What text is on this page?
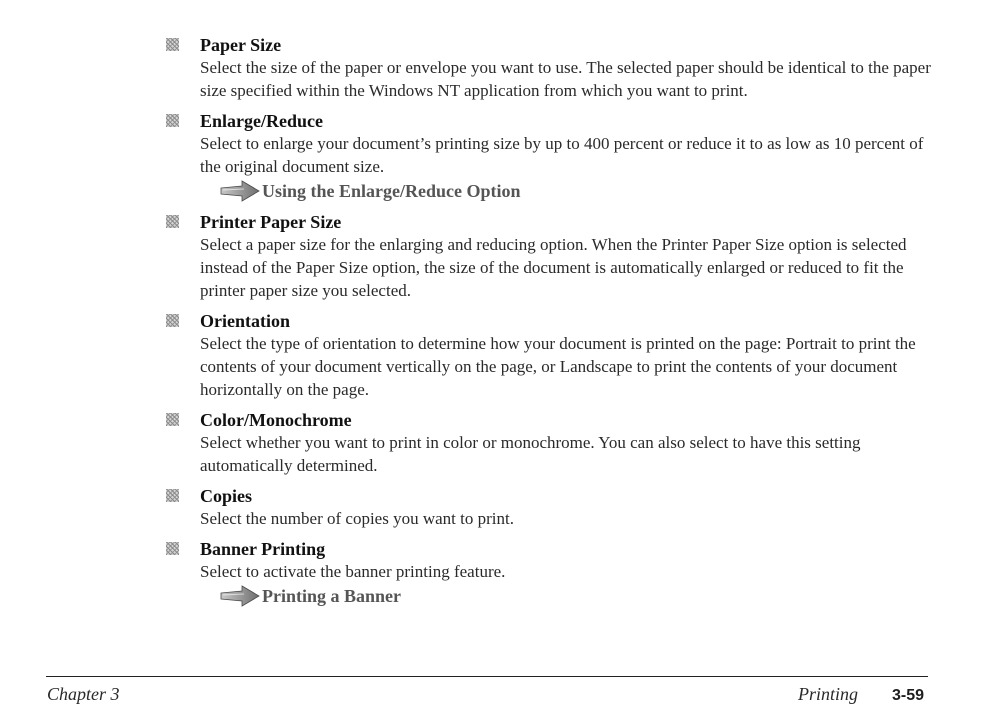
Paper Size

Select the size of the paper or envelope you want to use. The selected paper should be identical to the paper size specified within the Windows NT application from which you want to print.

Enlarge/Reduce

Select to enlarge your document’s printing size by up to 400 percent or reduce it to as low as 10 percent of the original document size.

Using the Enlarge/Reduce Option
Printer Paper Size

Select a paper size for the enlarging and reducing option. When the Printer Paper Size option is selected instead of the Paper Size option, the size of the document is automatically enlarged or reduced to fit the printer paper size you selected.

Orientation

Select the type of orientation to determine how your document is printed on the page: Portrait to print the contents of your document vertically on the page, or Landscape to print the contents of your document horizontally on the page.

Color/Monochrome

Select whether you want to print in color or monochrome. You can also select to have this setting automatically determined.

Copies

Select the number of copies you want to print.

Banner Printing

Select to activate the banner printing feature.

Printing a Banner
Chapter 3	Printing 3-59
